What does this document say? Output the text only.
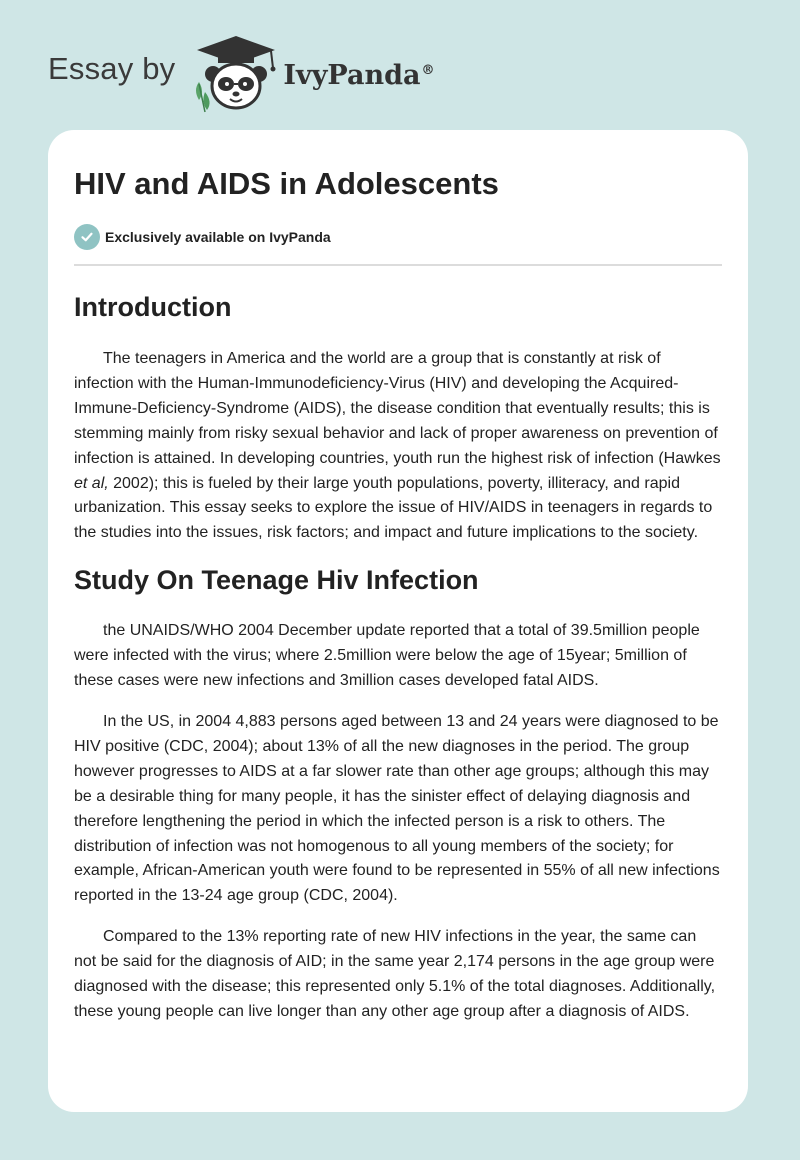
Essay by	IvyPanda®
HIV and AIDS in Adolescents
Exclusively available on IvyPanda
Introduction

The teenagers in America and the world are a group that is constantly at risk of infection with the Human-Immunodeficiency-Virus (HIV) and developing the Acquired-Immune-Deficiency-Syndrome (AIDS), the disease condition that eventually results; this is stemming mainly from risky sexual behavior and lack of proper awareness on prevention of infection is attained. In developing countries, youth run the highest risk of infection (Hawkes et al, 2002); this is fueled by their large youth populations, poverty, illiteracy, and rapid urbanization. This essay seeks to explore the issue of HIV/AIDS in teenagers in regards to the studies into the issues, risk factors; and impact and future implications to the society.

Study On Teenage Hiv Infection

the UNAIDS/WHO 2004 December update reported that a total of 39.5million people were infected with the virus; where 2.5million were below the age of 15year; 5million of these cases were new infections and 3million cases developed fatal AIDS.

In the US, in 2004 4,883 persons aged between 13 and 24 years were diagnosed to be HIV positive (CDC, 2004); about 13% of all the new diagnoses in the period. The group however progresses to AIDS at a far slower rate than other age groups; although this may be a desirable thing for many people, it has the sinister effect of delaying diagnosis and therefore lengthening the period in which the infected person is a risk to others. The distribution of infection was not homogenous to all young members of the society; for example, African-American youth were found to be represented in 55% of all new infections reported in the 13-24 age group (CDC, 2004).

Compared to the 13% reporting rate of new HIV infections in the year, the same can not be said for the diagnosis of AID; in the same year 2,174 persons in the age group were diagnosed with the disease; this represented only 5.1% of the total diagnoses. Additionally, these young people can live longer than any other age group after a diagnosis of AIDS.
